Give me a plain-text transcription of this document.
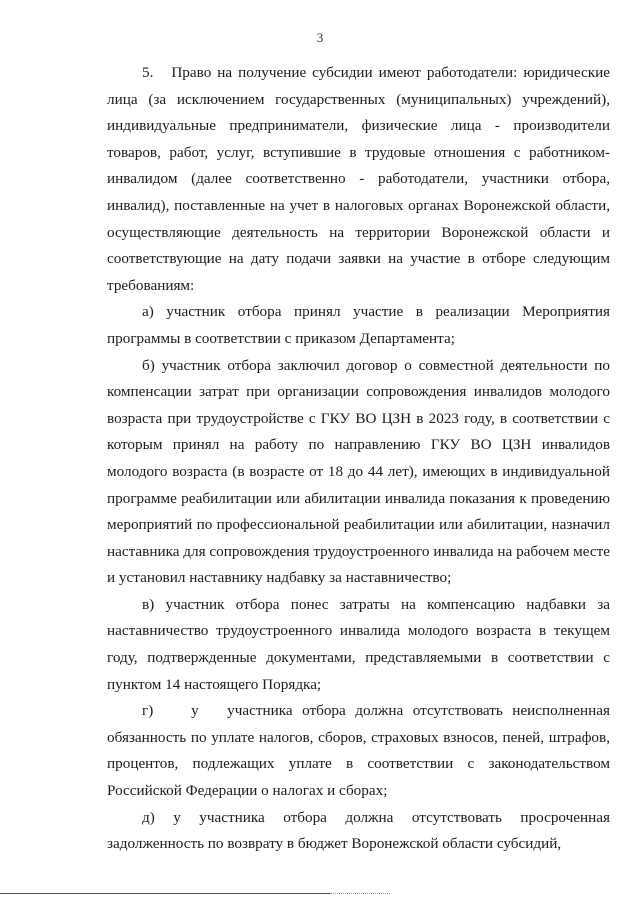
3

5.   Право на получение субсидии имеют работодатели: юридические лица (за исключением государственных (муниципальных) учреждений), индивидуальные предприниматели, физические лица - производители товаров, работ, услуг, вступившие в трудовые отношения с работником-инвалидом (далее соответственно - работодатели, участники отбора, инвалид), поставленные на учет в налоговых органах Воронежской области, осуществляющие деятельность на территории Воронежской области и соответствующие на дату подачи заявки на участие в отборе следующим требованиям:

а) участник отбора принял участие в реализации Мероприятия программы в соответствии с приказом Департамента;

б) участник отбора заключил договор о совместной деятельности по компенсации затрат при организации сопровождения инвалидов молодого возраста при трудоустройстве с ГКУ ВО ЦЗН в 2023 году, в соответствии с которым принял на работу по направлению ГКУ ВО ЦЗН инвалидов молодого возраста (в возрасте от 18 до 44 лет), имеющих в индивидуальной программе реабилитации или абилитации инвалида показания к проведению мероприятий по профессиональной реабилитации или абилитации, назначил наставника для сопровождения трудоустроенного инвалида на рабочем месте и установил наставнику надбавку за наставничество;

в) участник отбора понес затраты на компенсацию надбавки за наставничество трудоустроенного инвалида молодого возраста в текущем году, подтвержденные документами, представляемыми в соответствии с пунктом 14 настоящего Порядка;

г)    у   участника отбора должна отсутствовать неисполненная обязанность по уплате налогов, сборов, страховых взносов, пеней, штрафов, процентов, подлежащих уплате в соответствии с законодательством Российской Федерации о налогах и сборах;

д)  у  участника  отбора  должна  отсутствовать  просроченная задолженность по возврату в бюджет Воронежской области субсидий,
